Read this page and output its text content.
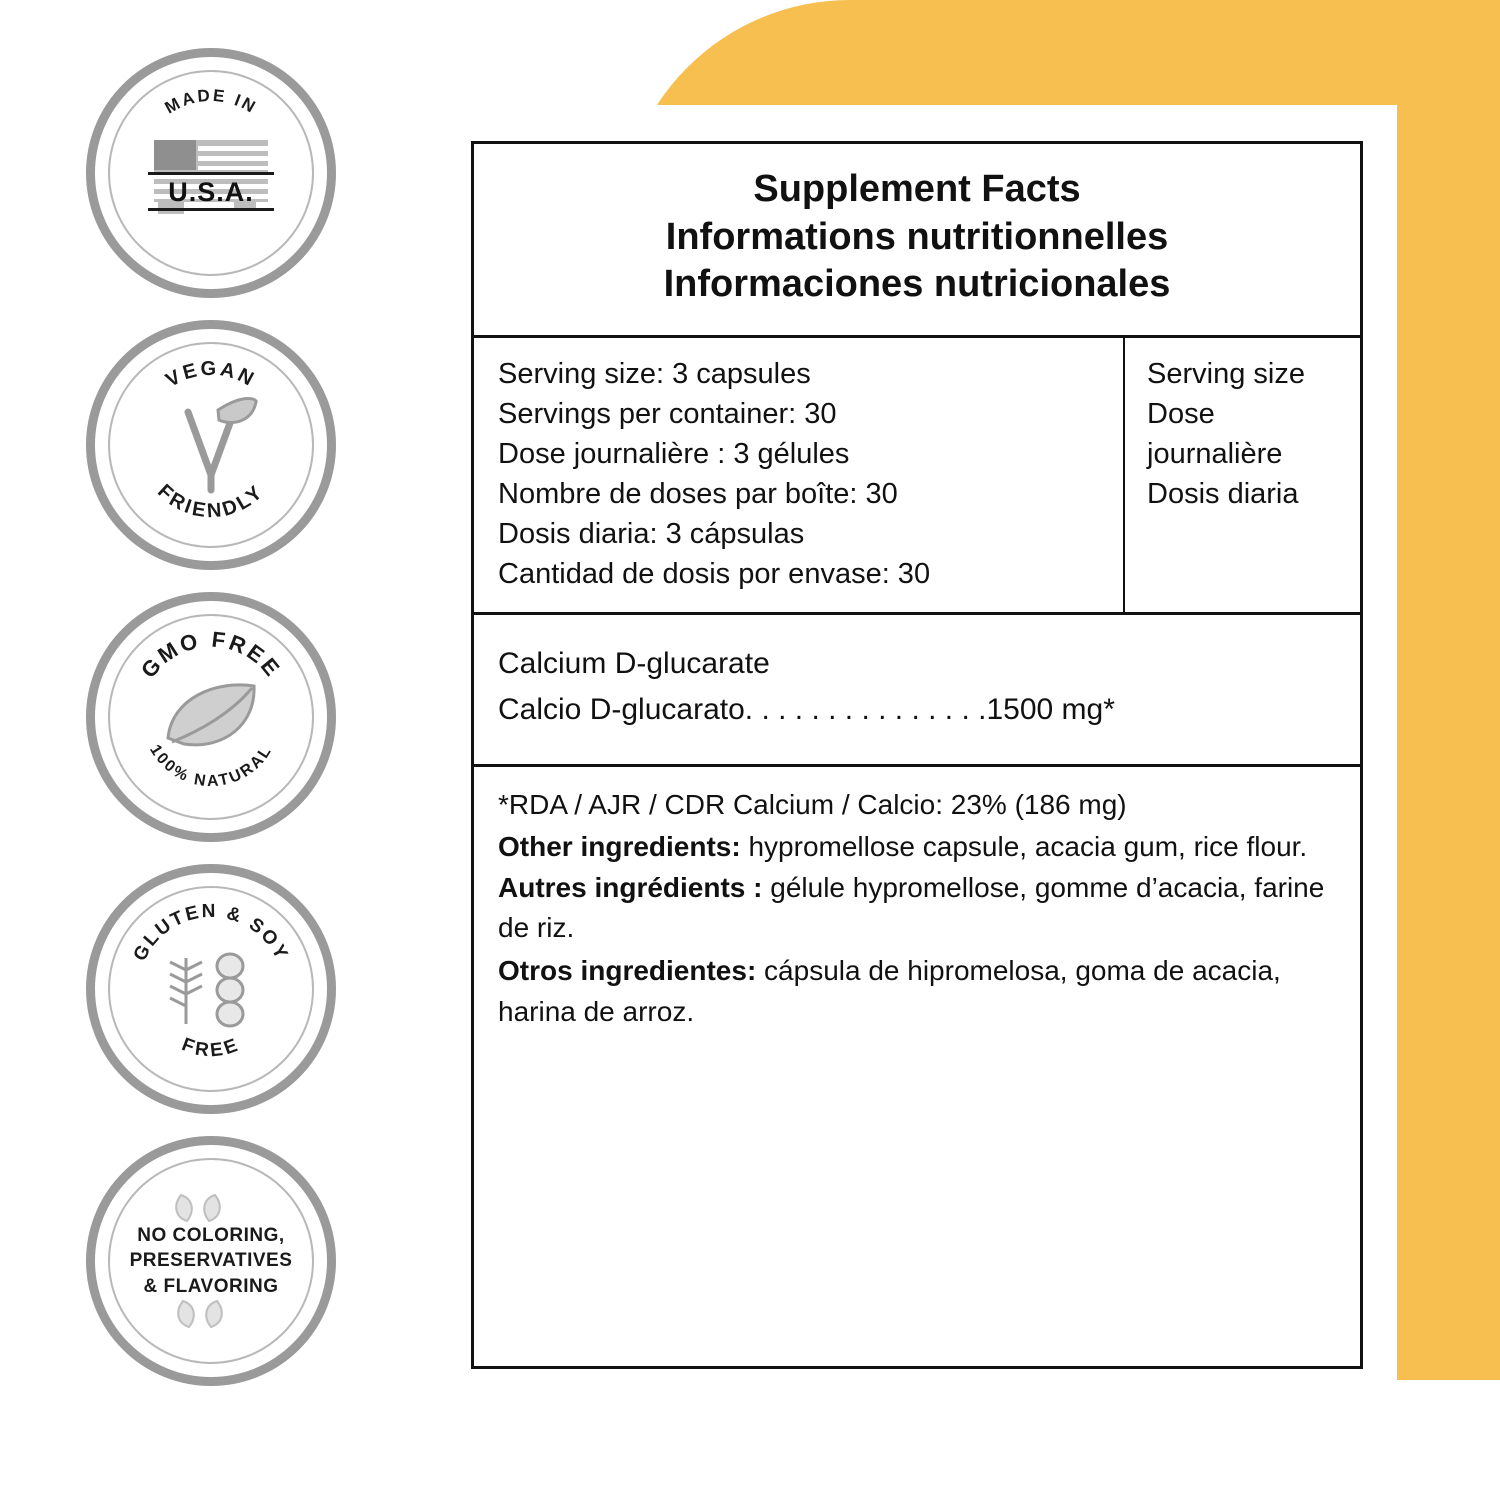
MADE IN
U.S.A.
VEGAN
FRIENDLY
GMO FREE
100% NATURAL
GLUTEN & SOY
FREE
NO COLORING,
PRESERVATIVES
& FLAVORING
Supplement Facts
Informations nutritionnelles
Informaciones nutricionales
Serving size: 3 capsules
Servings per container: 30
Dose journalière : 3 gélules
Nombre de doses par boîte: 30
Dosis diaria: 3 cápsulas
Cantidad de dosis por envase: 30
Serving size
Dose journalière
Dosis diaria
Calcium D-glucarate
Calcio D-glucarato. . . . . . . . . . . . . . .1500 mg*
*RDA / AJR / CDR Calcium / Calcio: 23% (186 mg)
Other ingredients: hypromellose capsule, acacia gum, rice flour. Autres ingrédients : gélule hypromellose, gomme d’acacia, farine de riz.
Otros ingredientes: cápsula de hipromelosa, goma de acacia, harina de arroz.
